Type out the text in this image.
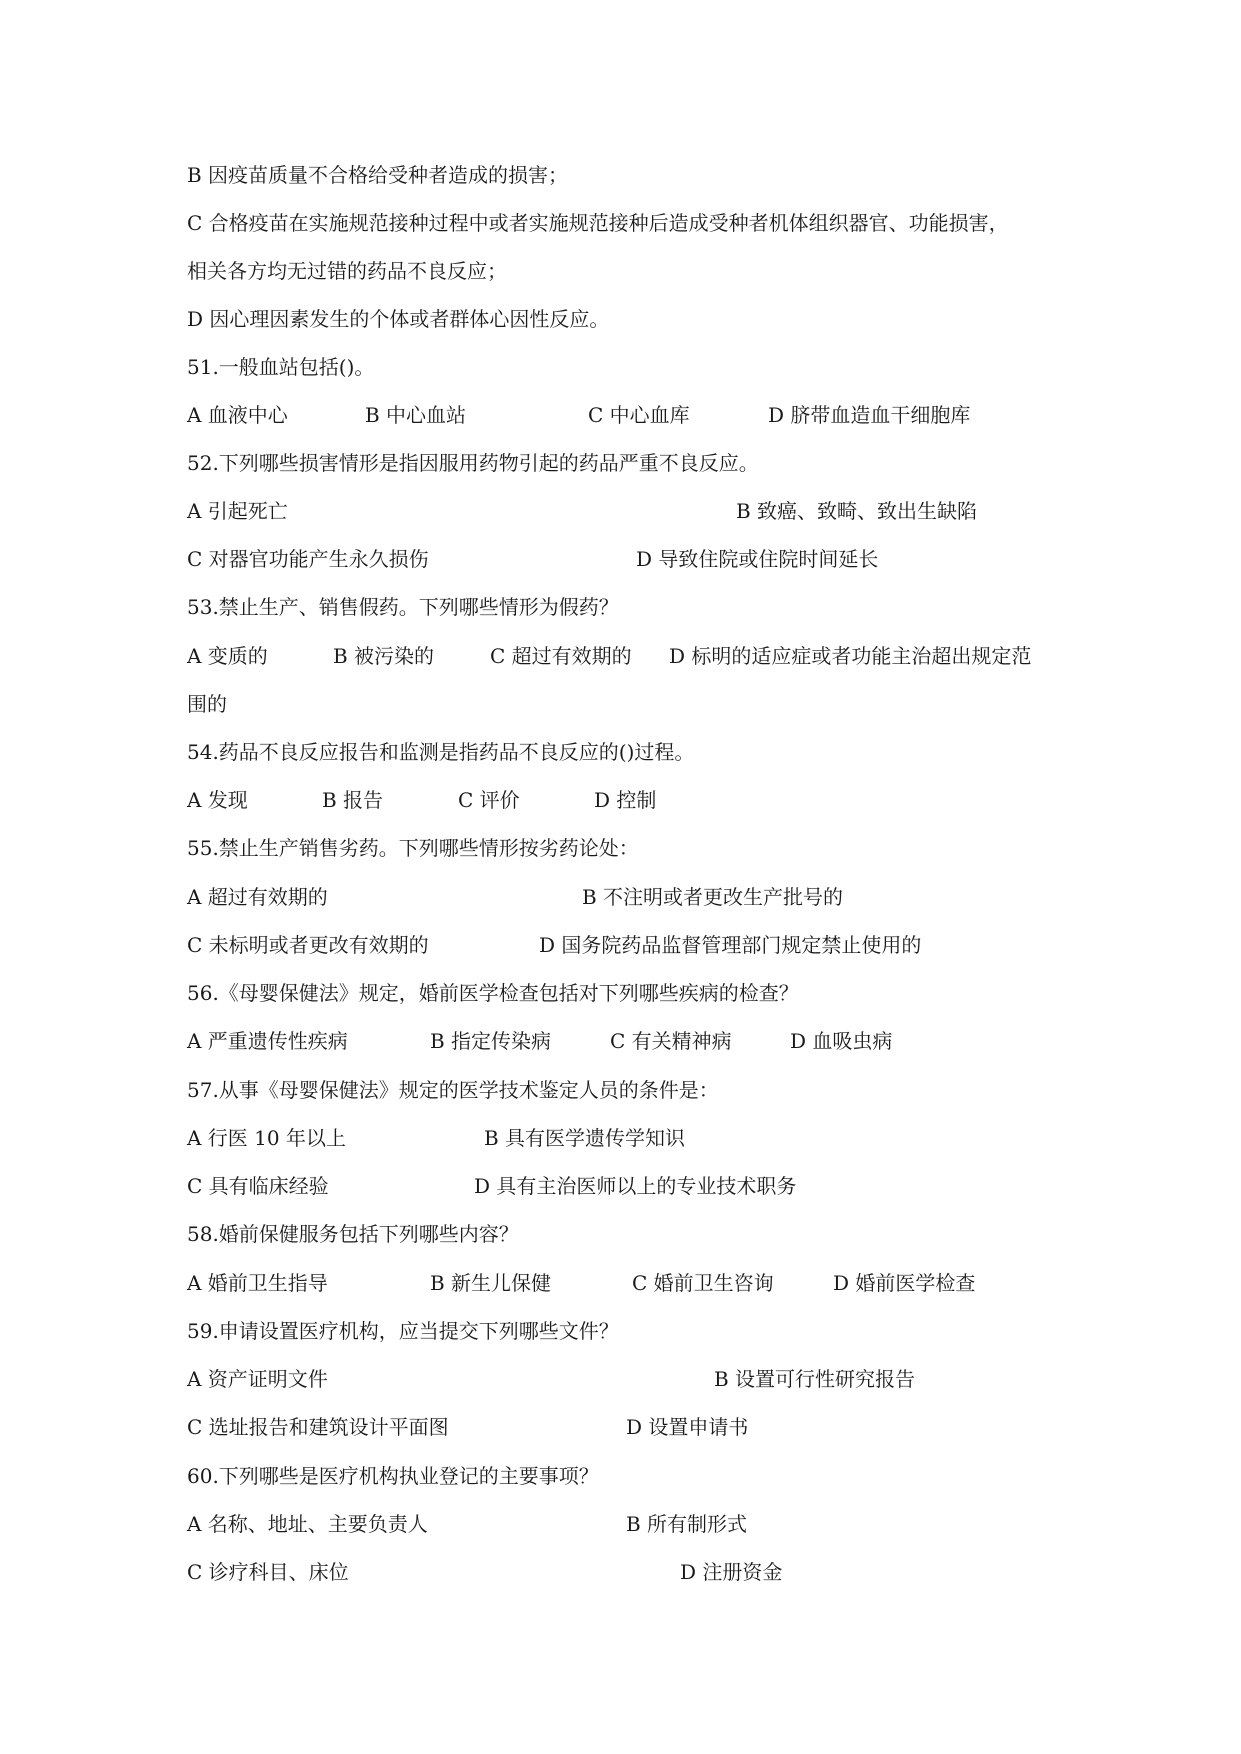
B 因疫苗质量不合格给受种者造成的损害；
C 合格疫苗在实施规范接种过程中或者实施规范接种后造成受种者机体组织器官、功能损害，
相关各方均无过错的药品不良反应；
D 因心理因素发生的个体或者群体心因性反应。
51.一般血站包括()。
A 血液中心	B 中心血站	C 中心血库	D 脐带血造血干细胞库
52.下列哪些损害情形是指因服用药物引起的药品严重不良反应。
A 引起死亡	B 致癌、致畸、致出生缺陷
C 对器官功能产生永久损伤	D 导致住院或住院时间延长
53.禁止生产、销售假药。下列哪些情形为假药？
A 变质的	B 被污染的	C 超过有效期的 D 标明的适应症或者功能主治超出规定范
围的
54.药品不良反应报告和监测是指药品不良反应的()过程。
A 发现	B 报告	C 评价	D 控制
55.禁止生产销售劣药。下列哪些情形按劣药论处：
A 超过有效期的	B 不注明或者更改生产批号的
C 未标明或者更改有效期的	D 国务院药品监督管理部门规定禁止使用的
56.《母婴保健法》规定，婚前医学检查包括对下列哪些疾病的检查？
A 严重遗传性疾病	B 指定传染病	C 有关精神病	D 血吸虫病
57.从事《母婴保健法》规定的医学技术鉴定人员的条件是：
A 行医 10 年以上	B 具有医学遗传学知识
C 具有临床经验	D 具有主治医师以上的专业技术职务
58.婚前保健服务包括下列哪些内容？
A 婚前卫生指导	B 新生儿保健	C 婚前卫生咨询	D 婚前医学检查
59.申请设置医疗机构，应当提交下列哪些文件？
A 资产证明文件	B 设置可行性研究报告
C 选址报告和建筑设计平面图	D 设置申请书
60.下列哪些是医疗机构执业登记的主要事项？
A 名称、地址、主要负责人	B 所有制形式
C 诊疗科目、床位	D 注册资金
